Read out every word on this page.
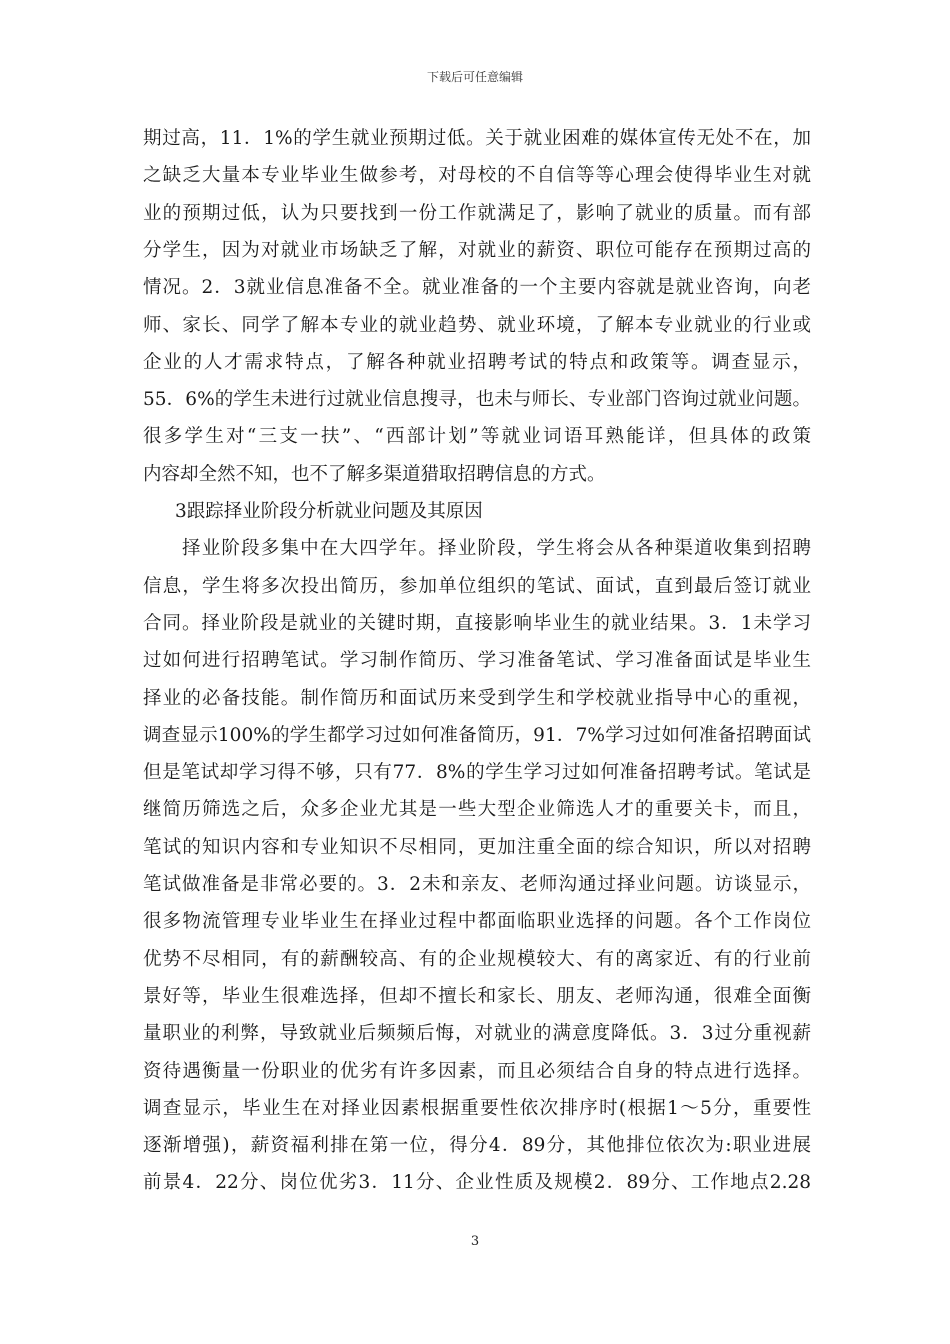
下载后可任意编辑
期过高，11．1%的学生就业预期过低。关于就业困难的媒体宣传无处不在，加
之缺乏大量本专业毕业生做参考，对母校的不自信等等心理会使得毕业生对就
业的预期过低，认为只要找到一份工作就满足了，影响了就业的质量。而有部
分学生，因为对就业市场缺乏了解，对就业的薪资、职位可能存在预期过高的
情况。2．3就业信息准备不全。就业准备的一个主要内容就是就业咨询，向老
师、家长、同学了解本专业的就业趋势、就业环境，了解本专业就业的行业或
企业的人才需求特点，了解各种就业招聘考试的特点和政策等。调查显示，
55．6%的学生未进行过就业信息搜寻，也未与师长、专业部门咨询过就业问题。
很多学生对“三支一扶”、“西部计划”等就业词语耳熟能详，但具体的政策
内容却全然不知，也不了解多渠道猎取招聘信息的方式。
3跟踪择业阶段分析就业问题及其原因
择业阶段多集中在大四学年。择业阶段，学生将会从各种渠道收集到招聘
信息，学生将多次投出简历，参加单位组织的笔试、面试，直到最后签订就业
合同。择业阶段是就业的关键时期，直接影响毕业生的就业结果。3．1未学习
过如何进行招聘笔试。学习制作简历、学习准备笔试、学习准备面试是毕业生
择业的必备技能。制作简历和面试历来受到学生和学校就业指导中心的重视，
调查显示100%的学生都学习过如何准备简历，91．7%学习过如何准备招聘面试
但是笔试却学习得不够，只有77．8%的学生学习过如何准备招聘考试。笔试是
继简历筛选之后，众多企业尤其是一些大型企业筛选人才的重要关卡，而且，
笔试的知识内容和专业知识不尽相同，更加注重全面的综合知识，所以对招聘
笔试做准备是非常必要的。3．2未和亲友、老师沟通过择业问题。访谈显示，
很多物流管理专业毕业生在择业过程中都面临职业选择的问题。各个工作岗位
优势不尽相同，有的薪酬较高、有的企业规模较大、有的离家近、有的行业前
景好等，毕业生很难选择，但却不擅长和家长、朋友、老师沟通，很难全面衡
量职业的利弊，导致就业后频频后悔，对就业的满意度降低。3．3过分重视薪
资待遇衡量一份职业的优劣有许多因素，而且必须结合自身的特点进行选择。
调查显示，毕业生在对择业因素根据重要性依次排序时(根据1～5分，重要性
逐渐增强)，薪资福利排在第一位，得分4．89分，其他排位依次为:职业进展
前景4．22分、岗位优劣3．11分、企业性质及规模2．89分、工作地点2.28
3
